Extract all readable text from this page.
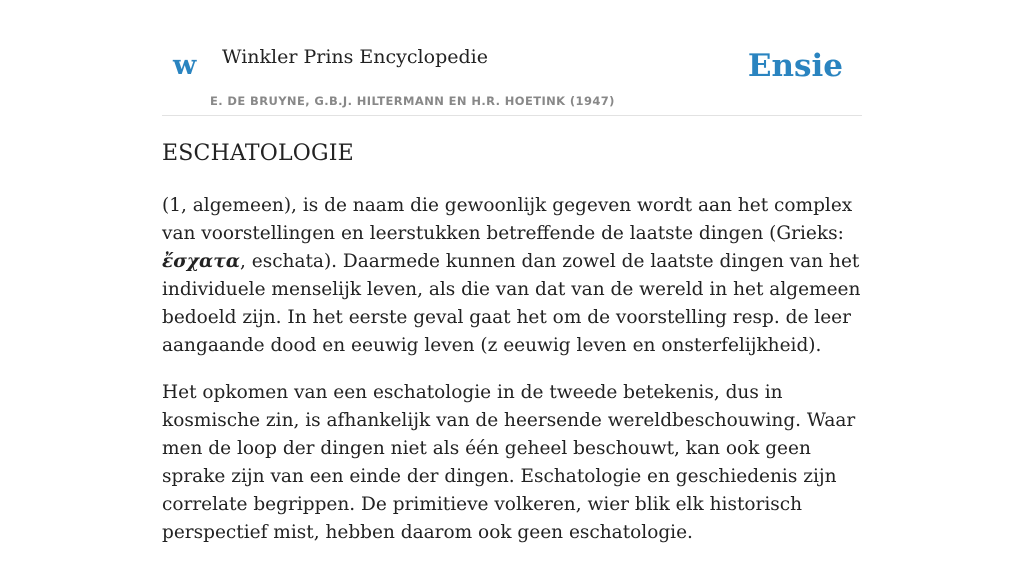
w Winkler Prins Encyclopedie
E. DE BRUYNE, G.B.J. HILTERMANN EN H.R. HOETINK (1947)
Ensie
ESCHATOLOGIE

(1, algemeen), is de naam die gewoonlijk gegeven wordt aan het complex van voorstellingen en leerstukken betreffende de laatste dingen (Grieks: ἔσχατα, eschata). Daarmede kunnen dan zowel de laatste dingen van het individuele menselijk leven, als die van dat van de wereld in het algemeen bedoeld zijn. In het eerste geval gaat het om de voorstelling resp. de leer aangaande dood en eeuwig leven (z eeuwig leven en onsterfelijkheid).

Het opkomen van een eschatologie in de tweede betekenis, dus in kosmische zin, is afhankelijk van de heersende wereldbeschouwing. Waar men de loop der dingen niet als één geheel beschouwt, kan ook geen sprake zijn van een einde der dingen. Eschatologie en geschiedenis zijn correlate begrippen. De primitieve volkeren, wier blik elk historisch perspectief mist, hebben daarom ook geen eschatologie.
